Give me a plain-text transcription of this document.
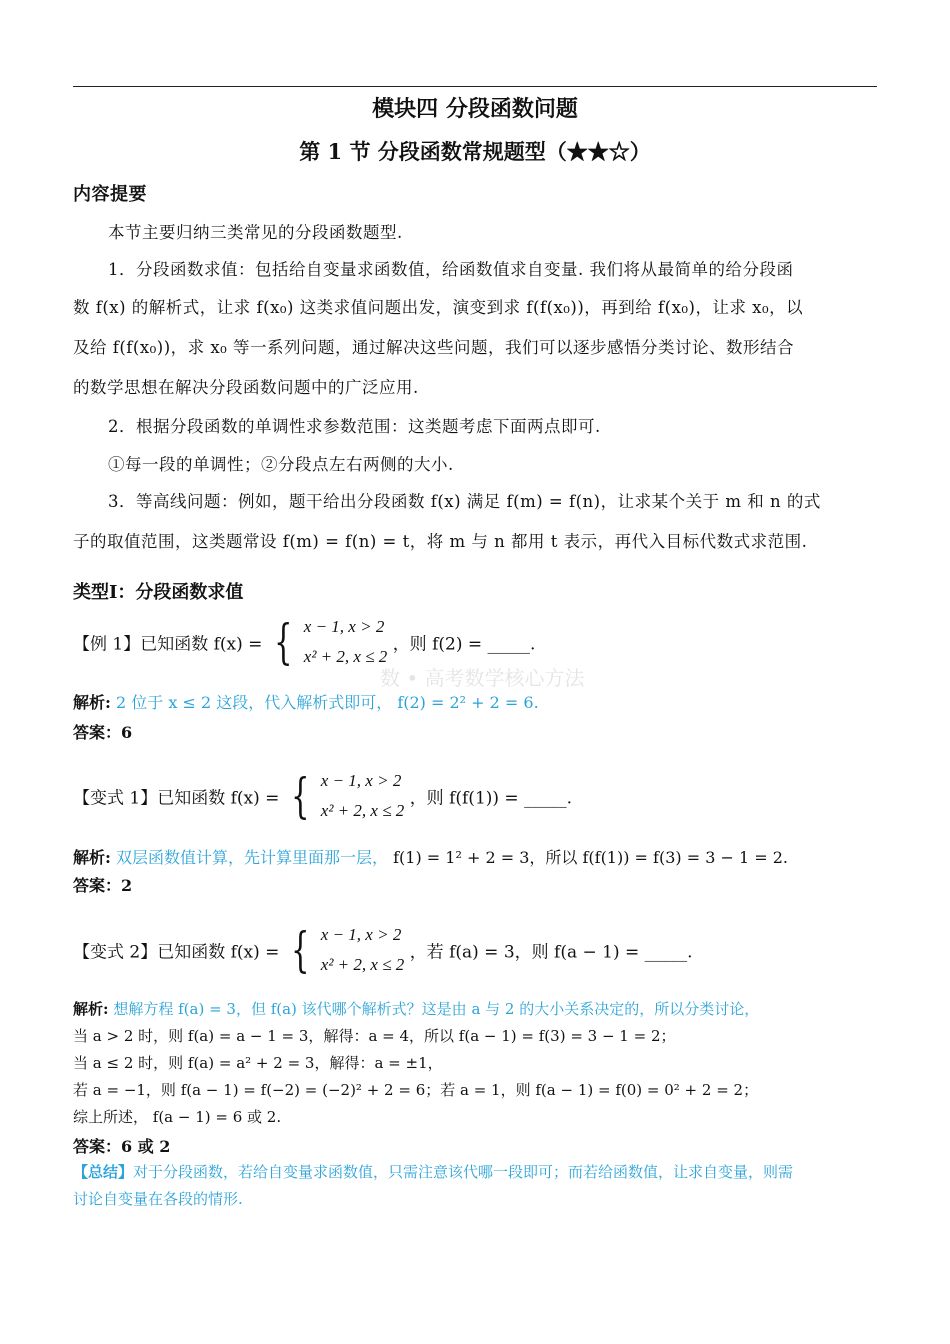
模块四 分段函数问题
第 1 节 分段函数常规题型（★★☆）
内容提要
本节主要归纳三类常见的分段函数题型.
1．分段函数求值：包括给自变量求函数值，给函数值求自变量. 我们将从最简单的给分段函
数 f(x) 的解析式，让求 f(x₀) 这类求值问题出发，演变到求 f(f(x₀))，再到给 f(x₀)，让求 x₀，以
及给 f(f(x₀))，求 x₀ 等一系列问题，通过解决这些问题，我们可以逐步感悟分类讨论、数形结合
的数学思想在解决分段函数问题中的广泛应用.
2．根据分段函数的单调性求参数范围：这类题考虑下面两点即可.
①每一段的单调性；②分段点左右两侧的大小.
3．等高线问题：例如，题干给出分段函数 f(x) 满足 f(m) = f(n)，让求某个关于 m 和 n 的式
子的取值范围，这类题常设 f(m) = f(n) = t，将 m 与 n 都用 t 表示，再代入目标代数式求范围.
类型Ⅰ：分段函数求值
数 • 高考数学核心方法
【例 1】已知函数 f(x) = { x − 1, x > 2
x² + 2, x ≤ 2
，则 f(2) = _____.
解析: 2 位于 x ≤ 2 这段，代入解析式即可， f(2) = 2² + 2 = 6.
答案：6
【变式 1】已知函数 f(x) = { x − 1, x > 2
x² + 2, x ≤ 2
，则 f(f(1)) = _____.
解析: 双层函数值计算，先计算里面那一层， f(1) = 1² + 2 = 3，所以 f(f(1)) = f(3) = 3 − 1 = 2.
答案：2
【变式 2】已知函数 f(x) = { x − 1, x > 2
x² + 2, x ≤ 2
，若 f(a) = 3，则 f(a − 1) = _____.
解析: 想解方程 f(a) = 3，但 f(a) 该代哪个解析式？这是由 a 与 2 的大小关系决定的，所以分类讨论，
当 a > 2 时，则 f(a) = a − 1 = 3，解得：a = 4，所以 f(a − 1) = f(3) = 3 − 1 = 2；
当 a ≤ 2 时，则 f(a) = a² + 2 = 3，解得：a = ±1，
若 a = −1，则 f(a − 1) = f(−2) = (−2)² + 2 = 6；若 a = 1，则 f(a − 1) = f(0) = 0² + 2 = 2；
综上所述， f(a − 1) = 6 或 2.
答案：6 或 2
【总结】对于分段函数，若给自变量求函数值，只需注意该代哪一段即可；而若给函数值，让求自变量，则需
讨论自变量在各段的情形.
